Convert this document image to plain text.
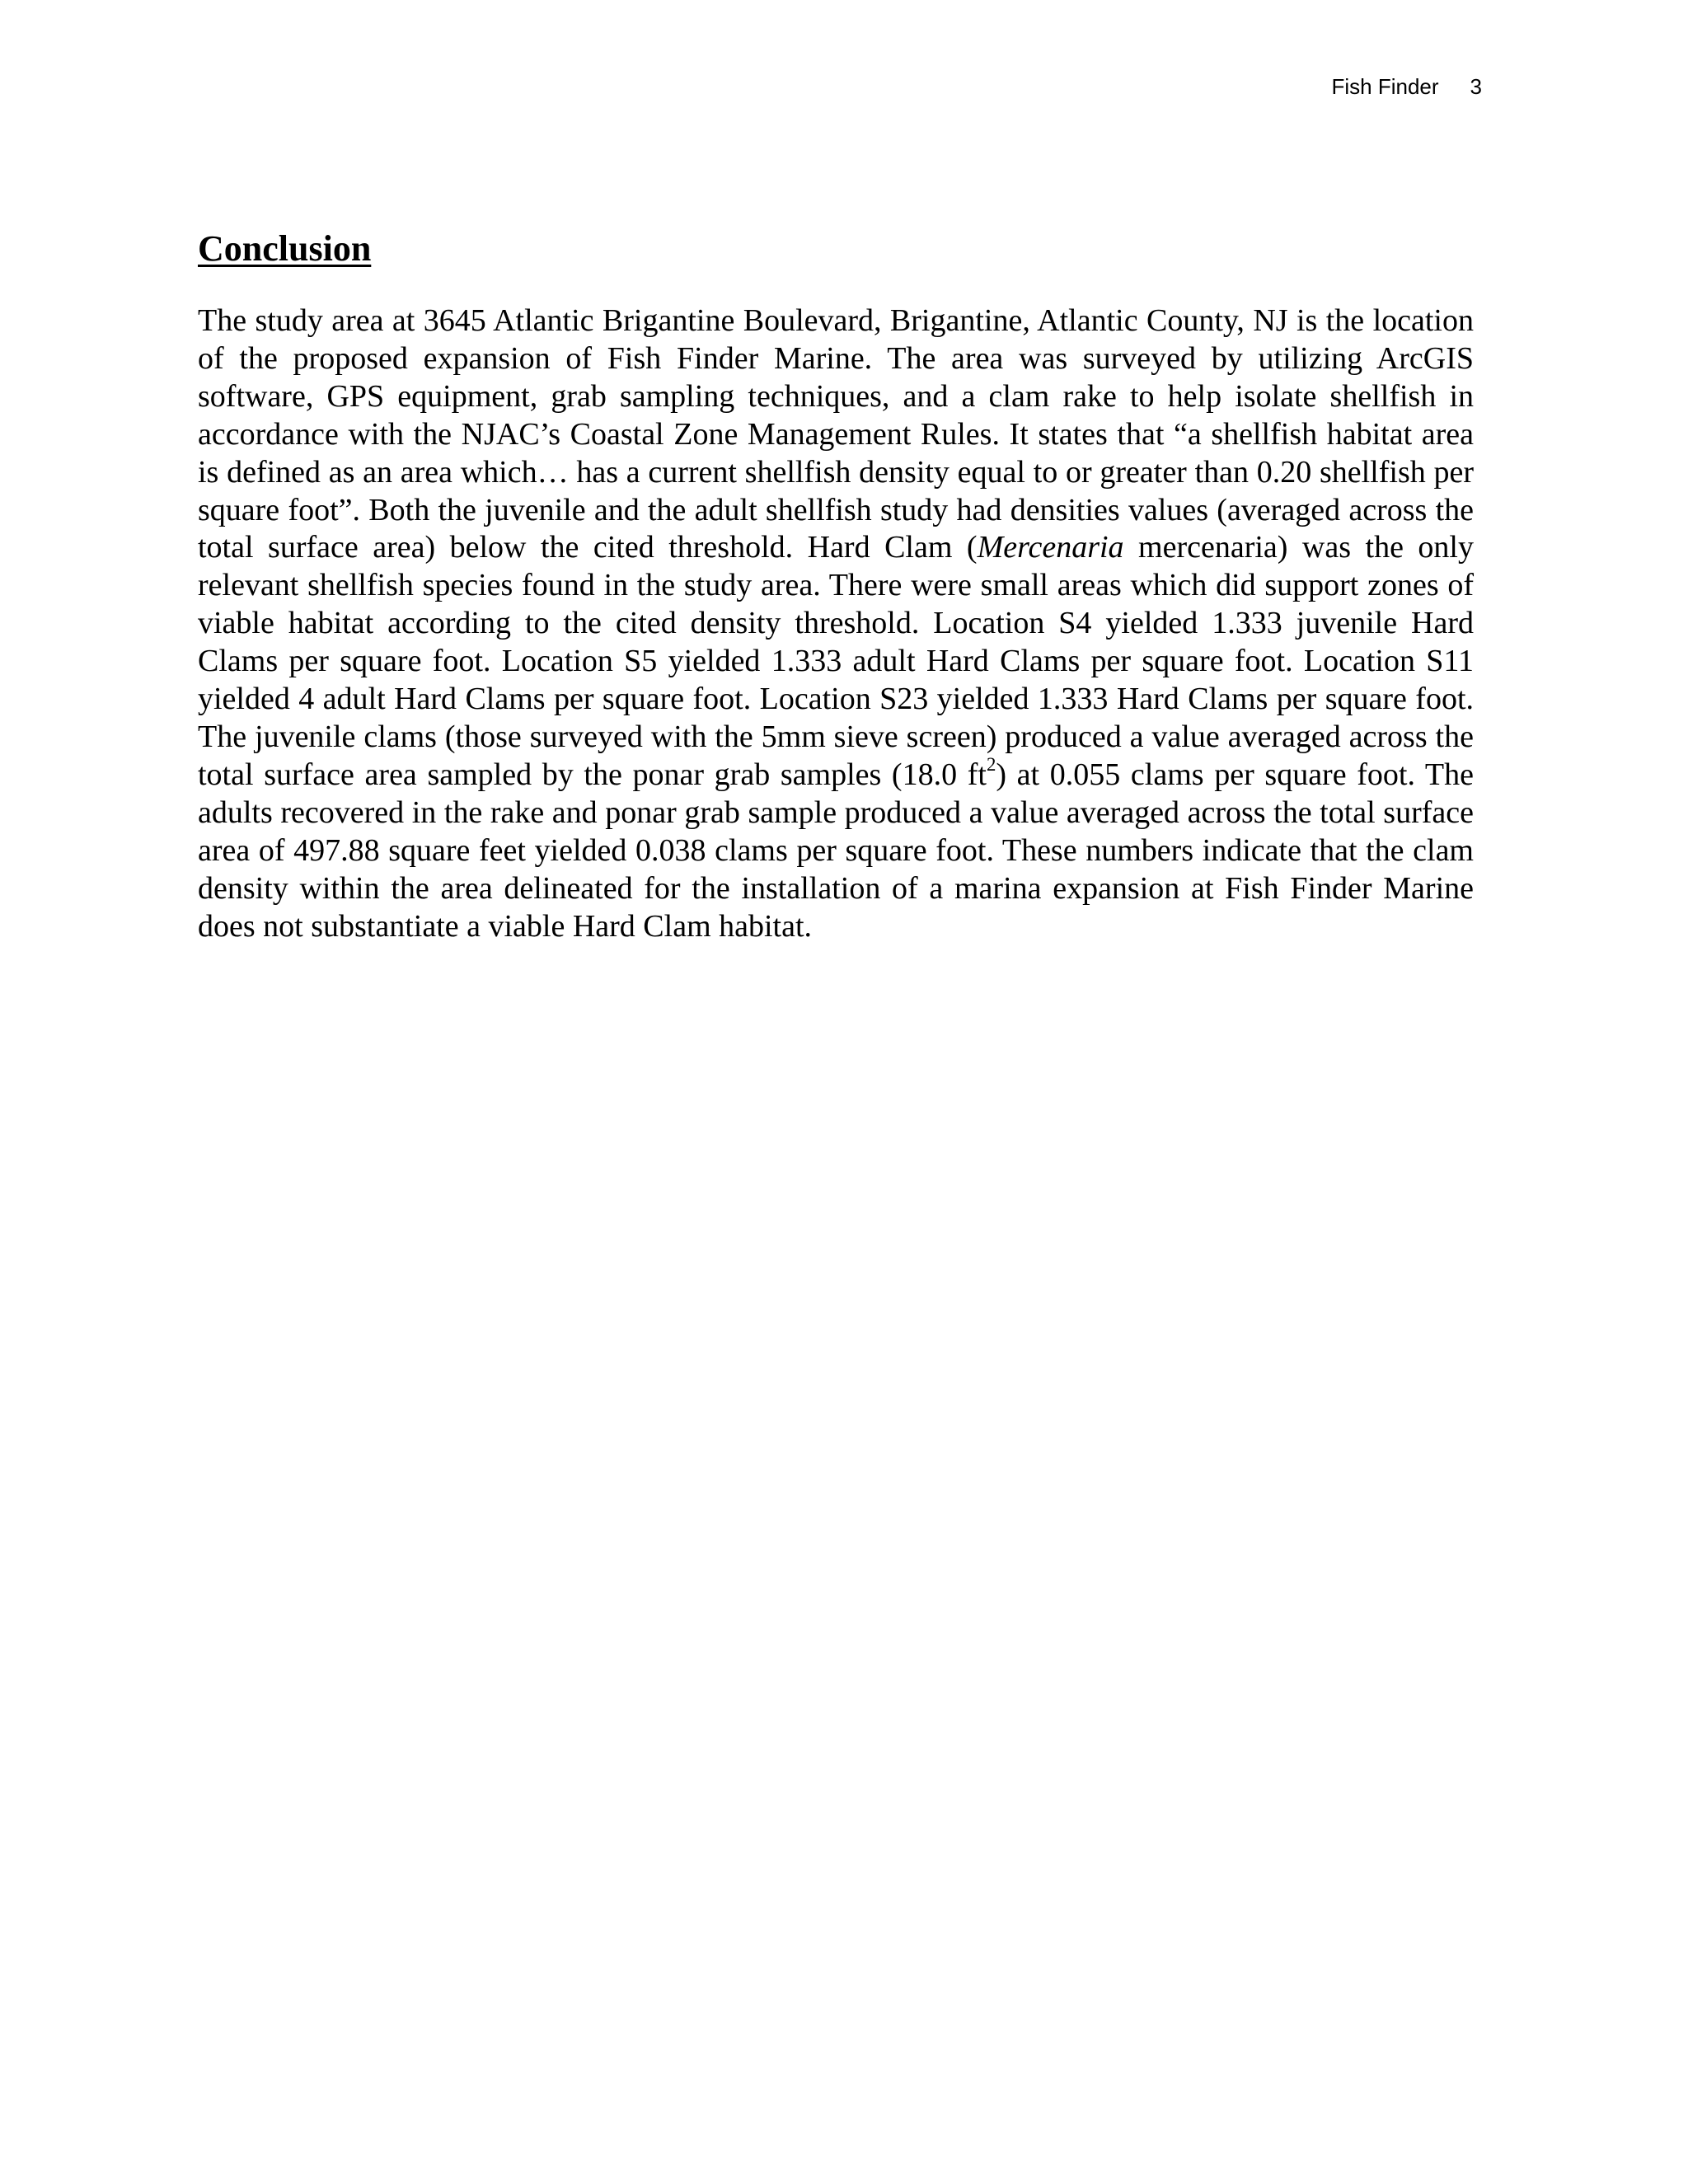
Fish Finder 3
Conclusion

The study area at 3645 Atlantic Brigantine Boulevard, Brigantine, Atlantic County, NJ is the location of the proposed expansion of Fish Finder Marine. The area was surveyed by utilizing ArcGIS software, GPS equipment, grab sampling techniques, and a clam rake to help isolate shellfish in accordance with the NJAC’s Coastal Zone Management Rules. It states that “a shellfish habitat area is defined as an area which… has a current shellfish density equal to or greater than 0.20 shellfish per square foot”. Both the juvenile and the adult shellfish study had densities values (averaged across the total surface area) below the cited threshold. Hard Clam (Mercenaria mercenaria) was the only relevant shellfish species found in the study area. There were small areas which did support zones of viable habitat according to the cited density threshold. Location S4 yielded 1.333 juvenile Hard Clams per square foot. Location S5 yielded 1.333 adult Hard Clams per square foot. Location S11 yielded 4 adult Hard Clams per square foot. Location S23 yielded 1.333 Hard Clams per square foot. The juvenile clams (those surveyed with the 5mm sieve screen) produced a value averaged across the total surface area sampled by the ponar grab samples (18.0 $ft^2$) at 0.055 clams per square foot. The adults recovered in the rake and ponar grab sample produced a value averaged across the total surface area of 497.88 square feet yielded 0.038 clams per square foot. These numbers indicate that the clam density within the area delineated for the installation of a marina expansion at Fish Finder Marine does not substantiate a viable Hard Clam habitat.
